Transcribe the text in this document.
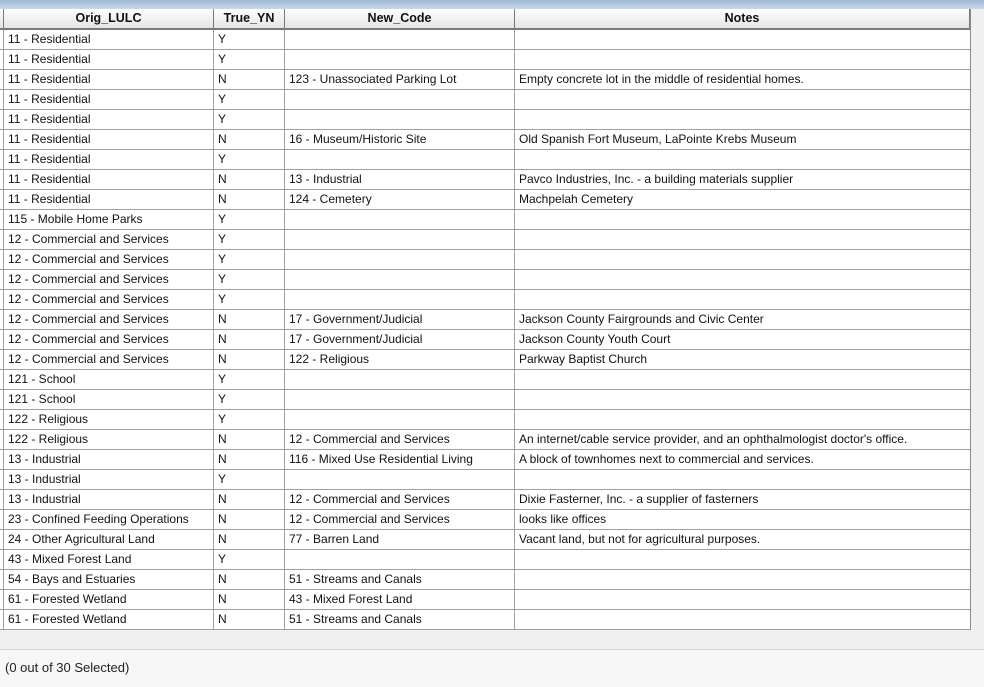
Orig_LULC	True_YN	New_Code	Notes
11 - Residential	Y
11 - Residential	Y
11 - Residential	N	123 - Unassociated Parking Lot	Empty concrete lot in the middle of residential homes.
11 - Residential	Y
11 - Residential	Y
11 - Residential	N	16 - Museum/Historic Site	Old Spanish Fort Museum, LaPointe Krebs Museum
11 - Residential	Y
11 - Residential	N	13 - Industrial	Pavco Industries, Inc. - a building materials supplier
11 - Residential	N	124 - Cemetery	Machpelah Cemetery
115 - Mobile Home Parks	Y
12 - Commercial and Services	Y
12 - Commercial and Services	Y
12 - Commercial and Services	Y
12 - Commercial and Services	Y
12 - Commercial and Services	N	17 - Government/Judicial	Jackson County Fairgrounds and Civic Center
12 - Commercial and Services	N	17 - Government/Judicial	Jackson County Youth Court
12 - Commercial and Services	N	122 - Religious	Parkway Baptist Church
121 - School	Y
121 - School	Y
122 - Religious	Y
122 - Religious	N	12 - Commercial and Services	An internet/cable service provider, and an ophthalmologist doctor's office.
13 - Industrial	N	116 - Mixed Use Residential Living	A block of townhomes next to commercial and services.
13 - Industrial	Y
13 - Industrial	N	12 - Commercial and Services	Dixie Fasterner, Inc. - a supplier of fasterners
23 - Confined Feeding Operations	N	12 - Commercial and Services	looks like offices
24 - Other Agricultural Land	N	77 - Barren Land	Vacant land, but not for agricultural purposes.
43 - Mixed Forest Land	Y
54 - Bays and Estuaries	N	51 - Streams and Canals
61 - Forested Wetland	N	43 - Mixed Forest Land
61 - Forested Wetland	N	51 - Streams and Canals
(0 out of 30 Selected)
